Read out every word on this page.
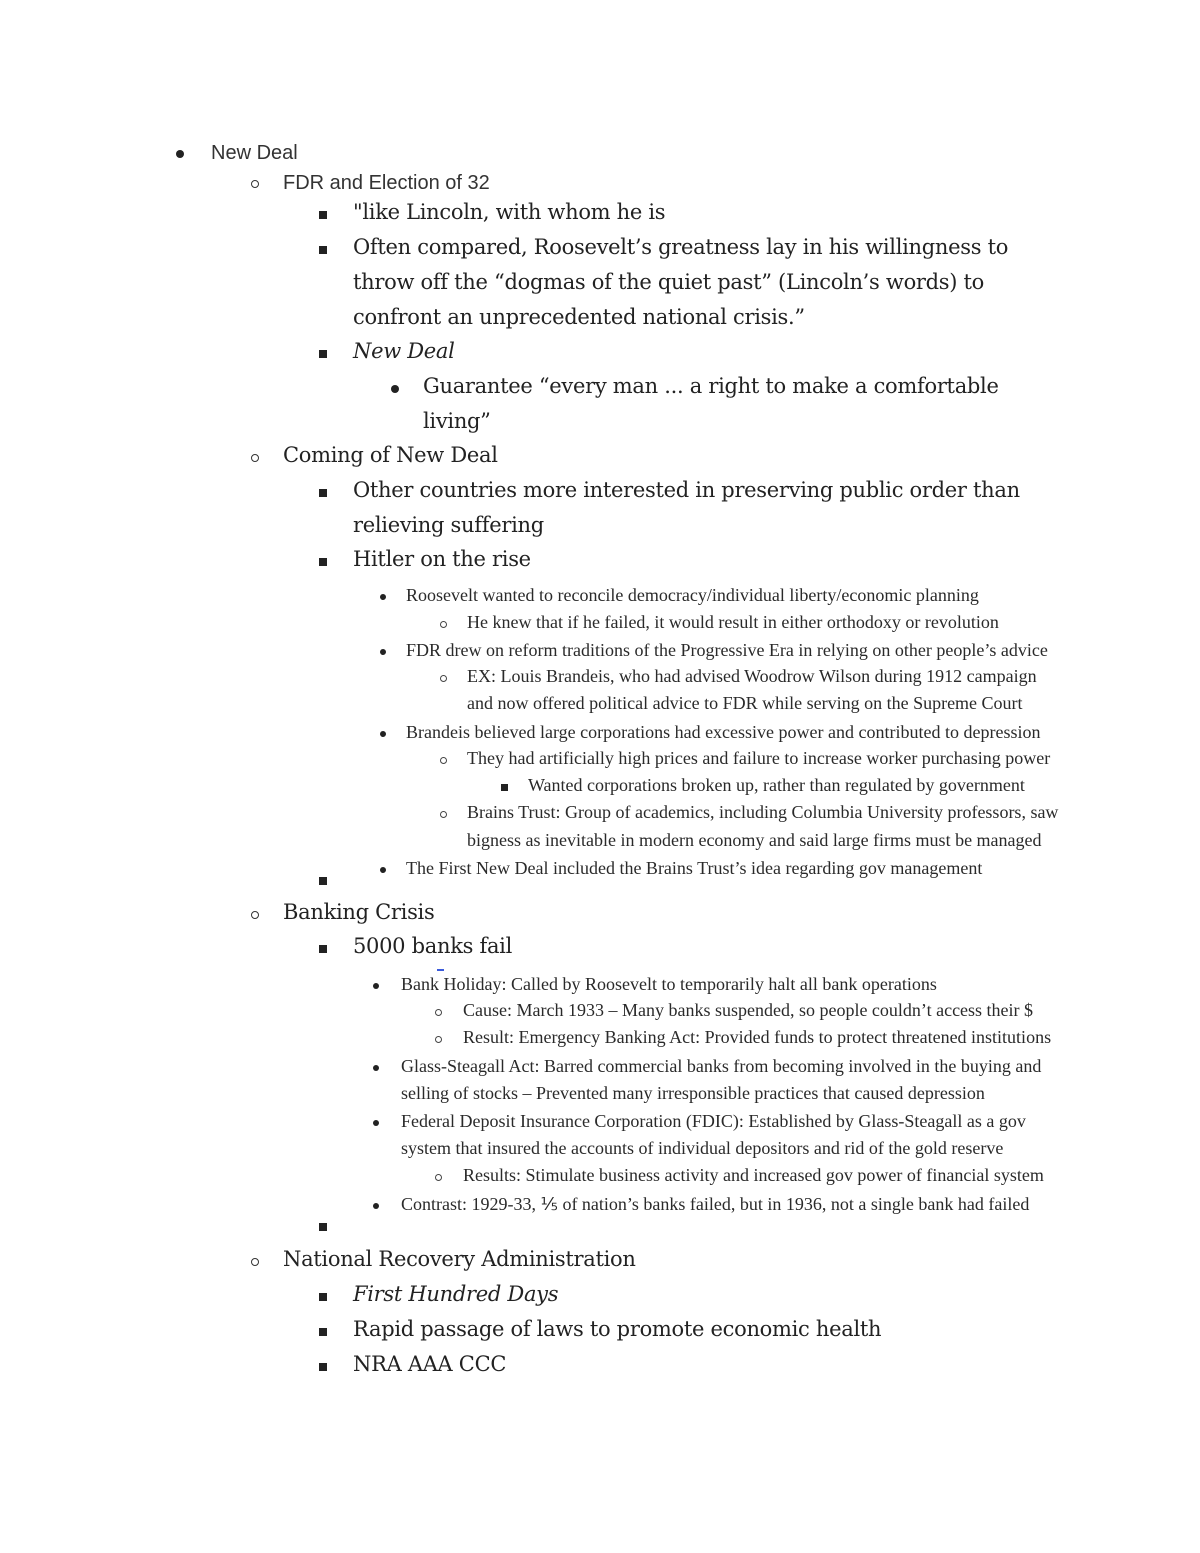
New Deal
FDR and Election of 32
"like Lincoln, with whom he is
Often compared, Roosevelt’s greatness lay in his willingness to
throw off the “dogmas of the quiet past” (Lincoln’s words) to
confront an unprecedented national crisis.”
New Deal
Guarantee “every man ... a right to make a comfortable
living”
Coming of New Deal
Other countries more interested in preserving public order than
relieving suffering
Hitler on the rise
Roosevelt wanted to reconcile democracy/individual liberty/economic planning
He knew that if he failed, it would result in either orthodoxy or revolution
FDR drew on reform traditions of the Progressive Era in relying on other people’s advice
EX: Louis Brandeis, who had advised Woodrow Wilson during 1912 campaign
and now offered political advice to FDR while serving on the Supreme Court
Brandeis believed large corporations had excessive power and contributed to depression
They had artificially high prices and failure to increase worker purchasing power
Wanted corporations broken up, rather than regulated by government
Brains Trust: Group of academics, including Columbia University professors, saw
bigness as inevitable in modern economy and said large firms must be managed
The First New Deal included the Brains Trust’s idea regarding gov management
Banking Crisis
5000 banks fail
Bank Holiday: Called by Roosevelt to temporarily halt all bank operations
Cause: March 1933 – Many banks suspended, so people couldn’t access their $
Result: Emergency Banking Act: Provided funds to protect threatened institutions
Glass-Steagall Act: Barred commercial banks from becoming involved in the buying and
selling of stocks – Prevented many irresponsible practices that caused depression
Federal Deposit Insurance Corporation (FDIC): Established by Glass-Steagall as a gov
system that insured the accounts of individual depositors and rid of the gold reserve
Results: Stimulate business activity and increased gov power of financial system
Contrast: 1929-33, ⅕ of nation’s banks failed, but in 1936, not a single bank had failed
National Recovery Administration
First Hundred Days
Rapid passage of laws to promote economic health
NRA AAA CCC
